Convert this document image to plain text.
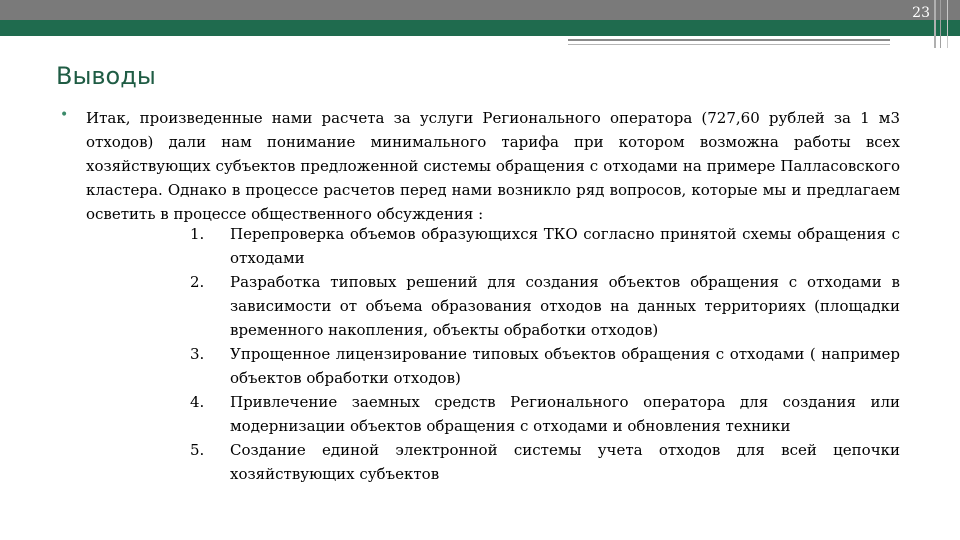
23
Выводы
• Итак, произведенные нами расчета за услуги Регионального оператора (727,60 рублей за 1 м3 отходов) дали нам понимание минимального тарифа при котором возможна работы всех хозяйствующих субъектов предложенной системы обращения с отходами на примере Палласовского кластера. Однако в процессе расчетов перед нами возникло ряд вопросов, которые мы и предлагаем осветить в процессе общественного обсуждения :
1. Перепроверка объемов образующихся ТКО согласно принятой схемы обращения с отходами
2. Разработка типовых решений для создания объектов обращения с отходами в зависимости от объема образования отходов на данных территориях (площадки временного накопления, объекты обработки отходов)
3. Упрощенное лицензирование типовых объектов обращения с отходами ( например объектов обработки отходов)
4. Привлечение заемных средств Регионального оператора для создания или модернизации объектов обращения с отходами и обновления техники
5. Создание единой электронной системы учета отходов для всей цепочки хозяйствующих субъектов
